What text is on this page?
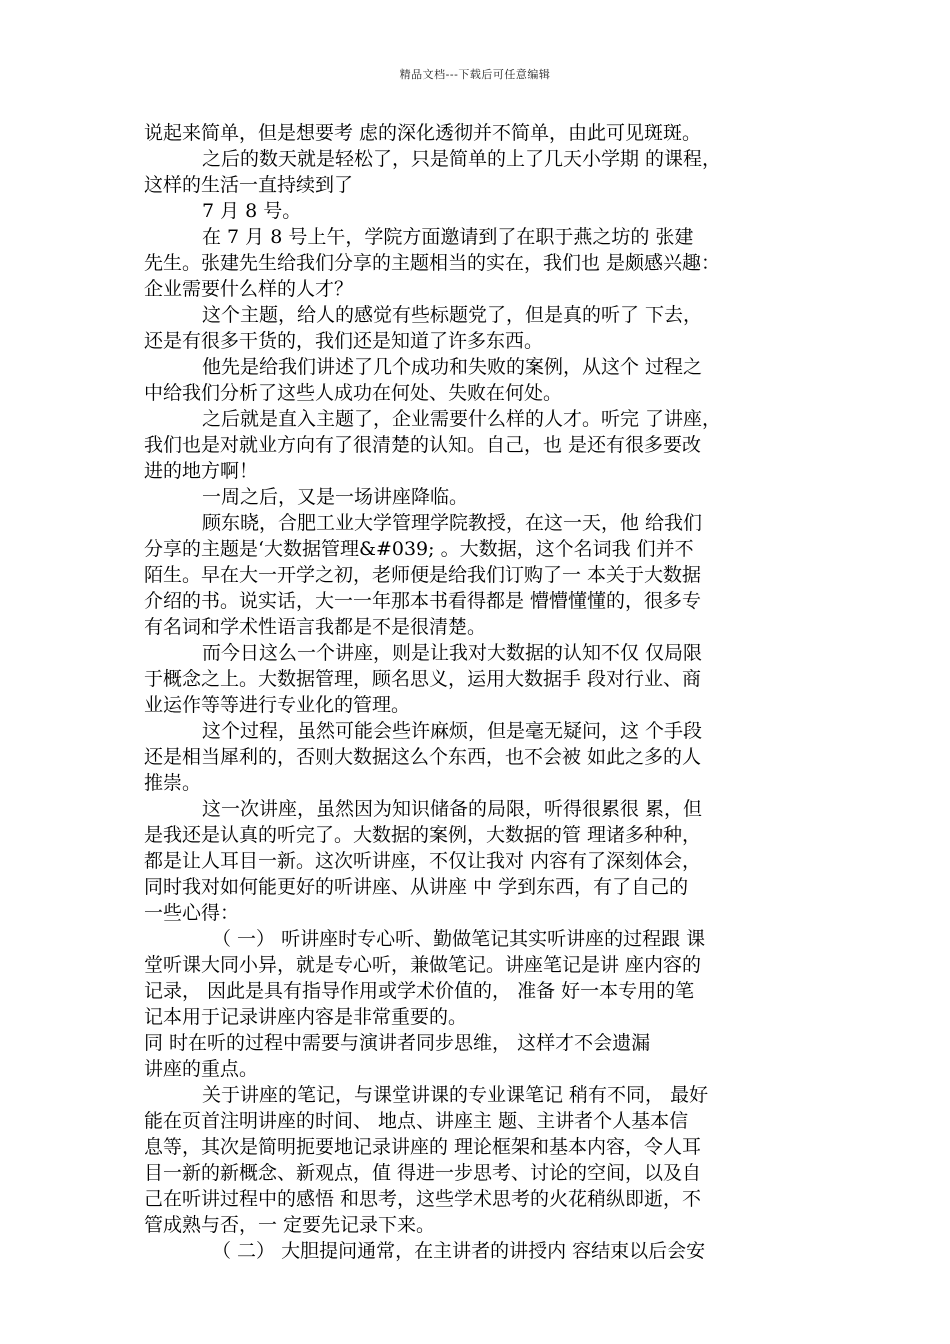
精品文档---下载后可任意编辑
说起来简单，但是想要考 虑的深化透彻并不简单，由此可见斑斑。
之后的数天就是轻松了，只是简单的上了几天小学期 的课程，
这样的生活一直持续到了
7 月 8 号。
在 7 月 8 号上午，学院方面邀请到了在职于燕之坊的 张建
先生。张建先生给我们分享的主题相当的实在，我们也 是颇感兴趣：
企业需要什么样的人才？
这个主题，给人的感觉有些标题党了，但是真的听了 下去，
还是有很多干货的，我们还是知道了许多东西。
他先是给我们讲述了几个成功和失败的案例，从这个 过程之
中给我们分析了这些人成功在何处、失败在何处。
之后就是直入主题了，企业需要什么样的人才。听完 了讲座，
我们也是对就业方向有了很清楚的认知。自己，也 是还有很多要改
进的地方啊！
一周之后，又是一场讲座降临。
顾东晓，合肥工业大学管理学院教授，在这一天，他 给我们
分享的主题是‘大数据管理&#039; 。大数据，这个名词我 们并不
陌生。早在大一开学之初，老师便是给我们订购了一 本关于大数据
介绍的书。说实话，大一一年那本书看得都是 懵懵懂懂的，很多专
有名词和学术性语言我都是不是很清楚。
而今日这么一个讲座，则是让我对大数据的认知不仅 仅局限
于概念之上。大数据管理，顾名思义，运用大数据手 段对行业、商
业运作等等进行专业化的管理。
这个过程，虽然可能会些许麻烦，但是毫无疑问，这 个手段
还是相当犀利的，否则大数据这么个东西，也不会被 如此之多的人
推崇。
这一次讲座，虽然因为知识储备的局限，听得很累很 累，但
是我还是认真的听完了。大数据的案例，大数据的管 理诸多种种，
都是让人耳目一新。这次听讲座，不仅让我对 内容有了深刻体会，
同时我对如何能更好的听讲座、从讲座 中 学到东西，有了自己的
一些心得：
（ 一） 听讲座时专心听、勤做笔记其实听讲座的过程跟 课
堂听课大同小异，就是专心听，兼做笔记。讲座笔记是讲 座内容的
记录， 因此是具有指导作用或学术价值的， 准备 好一本专用的笔
记本用于记录讲座内容是非常重要的。
同 时在听的过程中需要与演讲者同步思维， 这样才不会遗漏
讲座的重点。
关于讲座的笔记，与课堂讲课的专业课笔记 稍有不同， 最好
能在页首注明讲座的时间、 地点、讲座主 题、主讲者个人基本信
息等，其次是简明扼要地记录讲座的 理论框架和基本内容，令人耳
目一新的新概念、新观点，值 得进一步思考、讨论的空间，以及自
己在听讲过程中的感悟 和思考，这些学术思考的火花稍纵即逝，不
管成熟与否，一 定要先记录下来。
（ 二） 大胆提问通常，在主讲者的讲授内 容结束以后会安
